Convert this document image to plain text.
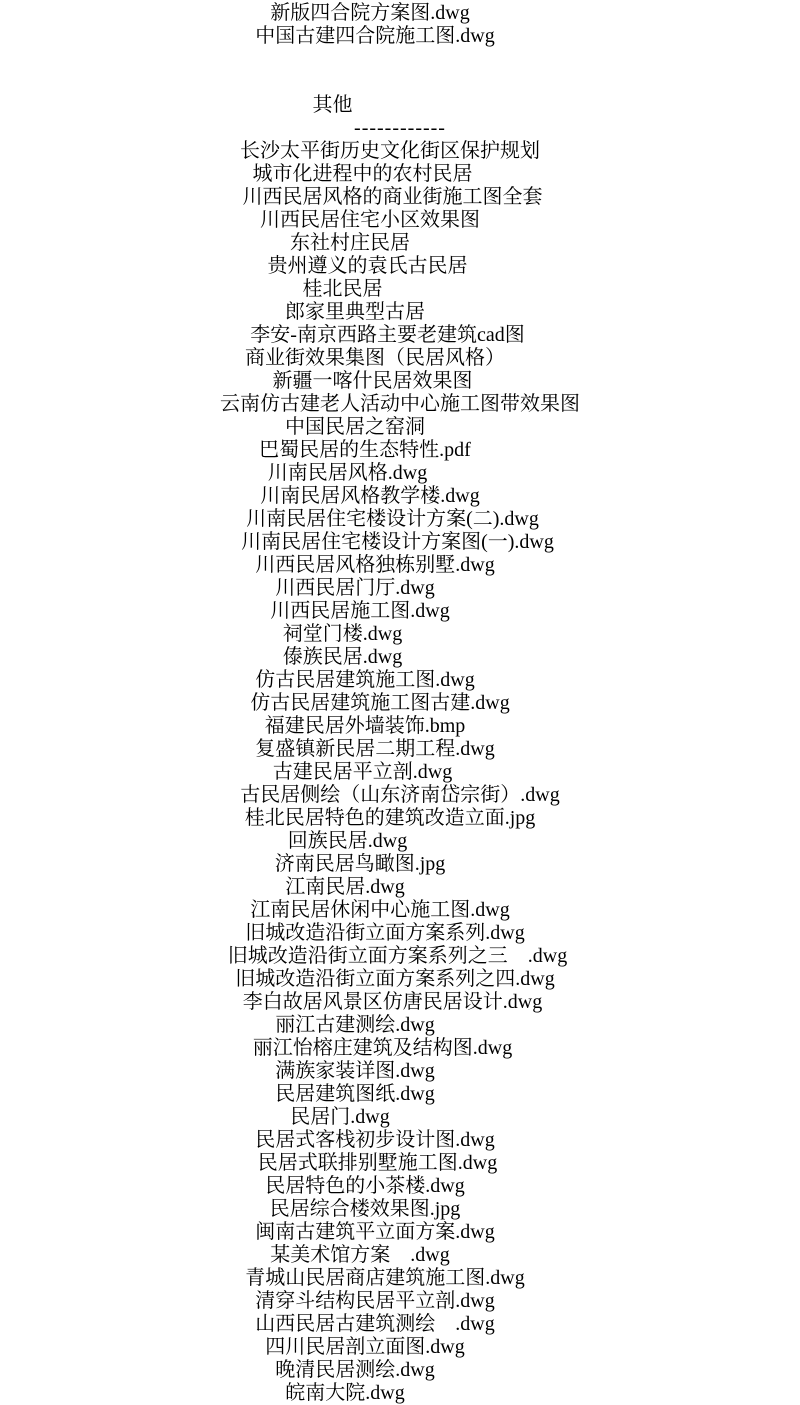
新版四合院方案图.dwg
中国古建四合院施工图.dwg

其他
------------
长沙太平街历史文化街区保护规划
城市化进程中的农村民居
川西民居风格的商业街施工图全套
川西民居住宅小区效果图
东社村庄民居
贵州遵义的袁氏古民居
桂北民居
郎家里典型古居
李安-南京西路主要老建筑cad图
商业街效果集图（民居风格）
新疆一喀什民居效果图
云南仿古建老人活动中心施工图带效果图
中国民居之窑洞
巴蜀民居的生态特性.pdf
川南民居风格.dwg
川南民居风格教学楼.dwg
川南民居住宅楼设计方案(二).dwg
川南民居住宅楼设计方案图(一).dwg
川西民居风格独栋别墅.dwg
川西民居门厅.dwg
川西民居施工图.dwg
祠堂门楼.dwg
傣族民居.dwg
仿古民居建筑施工图.dwg
仿古民居建筑施工图古建.dwg
福建民居外墙装饰.bmp
复盛镇新民居二期工程.dwg
古建民居平立剖.dwg
古民居侧绘（山东济南岱宗街）.dwg
桂北民居特色的建筑改造立面.jpg
回族民居.dwg
济南民居鸟瞰图.jpg
江南民居.dwg
江南民居休闲中心施工图.dwg
旧城改造沿街立面方案系列.dwg
旧城改造沿街立面方案系列之三　.dwg
旧城改造沿街立面方案系列之四.dwg
李白故居风景区仿唐民居设计.dwg
丽江古建测绘.dwg
丽江怡榕庄建筑及结构图.dwg
满族家装详图.dwg
民居建筑图纸.dwg
民居门.dwg
民居式客栈初步设计图.dwg
民居式联排别墅施工图.dwg
民居特色的小茶楼.dwg
民居综合楼效果图.jpg
闽南古建筑平立面方案.dwg
某美术馆方案　.dwg
青城山民居商店建筑施工图.dwg
清穿斗结构民居平立剖.dwg
山西民居古建筑测绘　.dwg
四川民居剖立面图.dwg
晚清民居测绘.dwg
皖南大院.dwg
